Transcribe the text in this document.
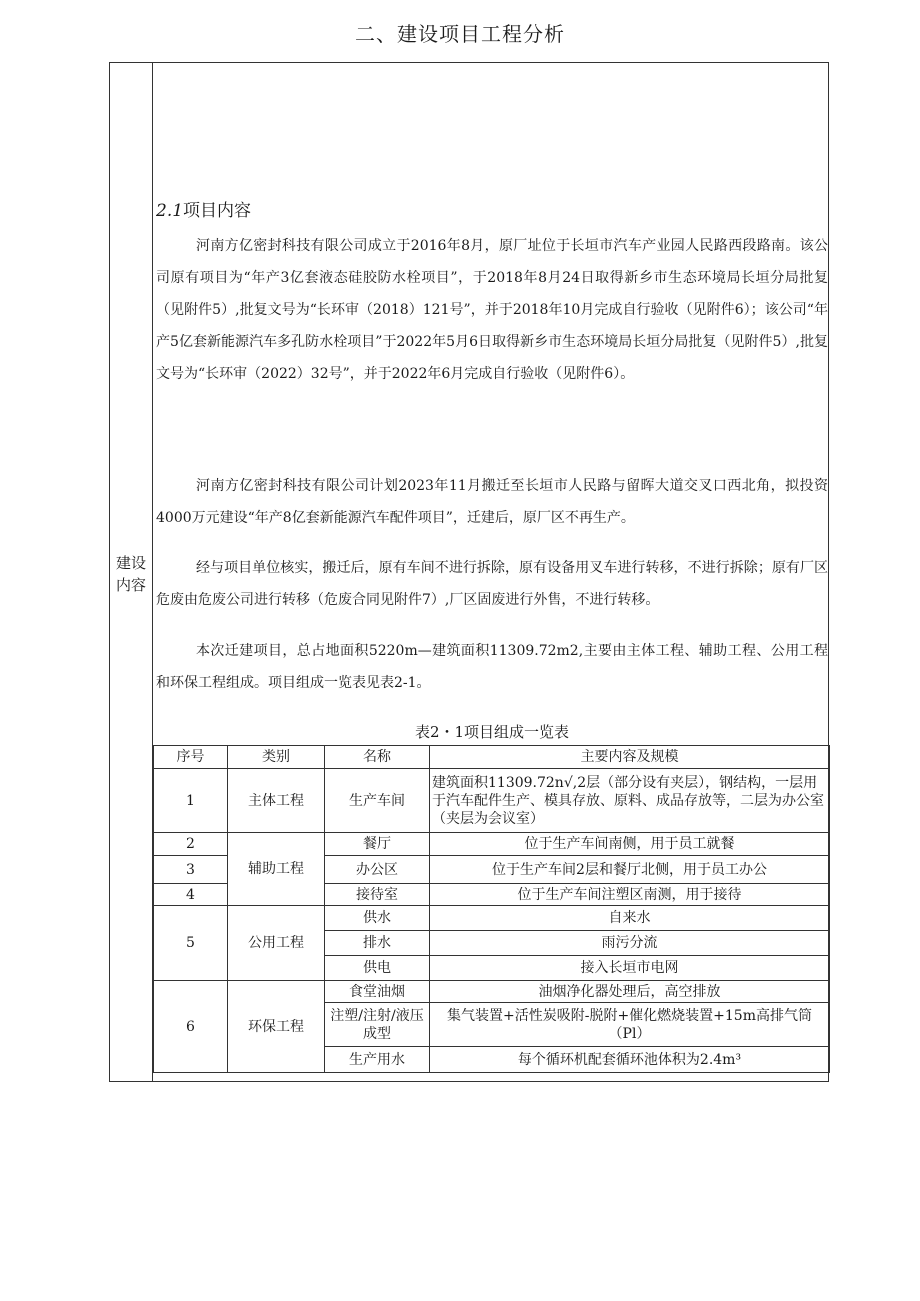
二、建设项目工程分析
建设
内容
2.1项目内容

河南方亿密封科技有限公司成立于2016年8月，原厂址位于长垣市汽车产业园人民路西段路南。该公司原有项目为“年产3亿套液态硅胶防水栓项目”，于2018年8月24日取得新乡市生态环境局长垣分局批复（见附件5）,批复文号为“长环审（2018）121号”，并于2018年10月完成自行验收（见附件6）；该公司“年产5亿套新能源汽车多孔防水栓项目”于2022年5月6日取得新乡市生态环境局长垣分局批复（见附件5）,批复文号为“长环审（2022）32号”，并于2022年6月完成自行验收（见附件6）。

河南方亿密封科技有限公司计划2023年11月搬迁至长垣市人民路与留晖大道交叉口西北角，拟投资4000万元建设“年产8亿套新能源汽车配件项目”，迁建后，原厂区不再生产。

经与项目单位核实，搬迁后，原有车间不进行拆除，原有设备用叉车进行转移，不进行拆除；原有厂区危废由危废公司进行转移（危废合同见附件7）,厂区固废进行外售，不进行转移。

本次迁建项目，总占地面积5220m—建筑面积11309.72m2,主要由主体工程、辅助工程、公用工程和环保工程组成。项目组成一览表见表2-1。

表2・1项目组成一览表
序号	类别	名称	主要内容及规模
1	主体工程	生产车间	建筑面积11309.72n√,2层（部分设有夹层），钢结构，一层用于汽车配件生产、模具存放、原料、成品存放等，二层为办公室（夹层为会议室）
2	辅助工程	餐厅	位于生产车间南侧，用于员工就餐
3		办公区	位于生产车间2层和餐厅北侧，用于员工办公
4		接待室	位于生产车间注塑区南测，用于接待
5	公用工程	供水	自来水
		排水	雨污分流
		供电	接入长垣市电网
6	环保工程	食堂油烟	油烟净化器处理后，高空排放
		注塑/注射/液压成型	集气装置+活性炭吸附-脱附+催化燃烧装置+15m高排气筒（Pl）
		生产用水	每个循环机配套循环池体积为2.4m³
